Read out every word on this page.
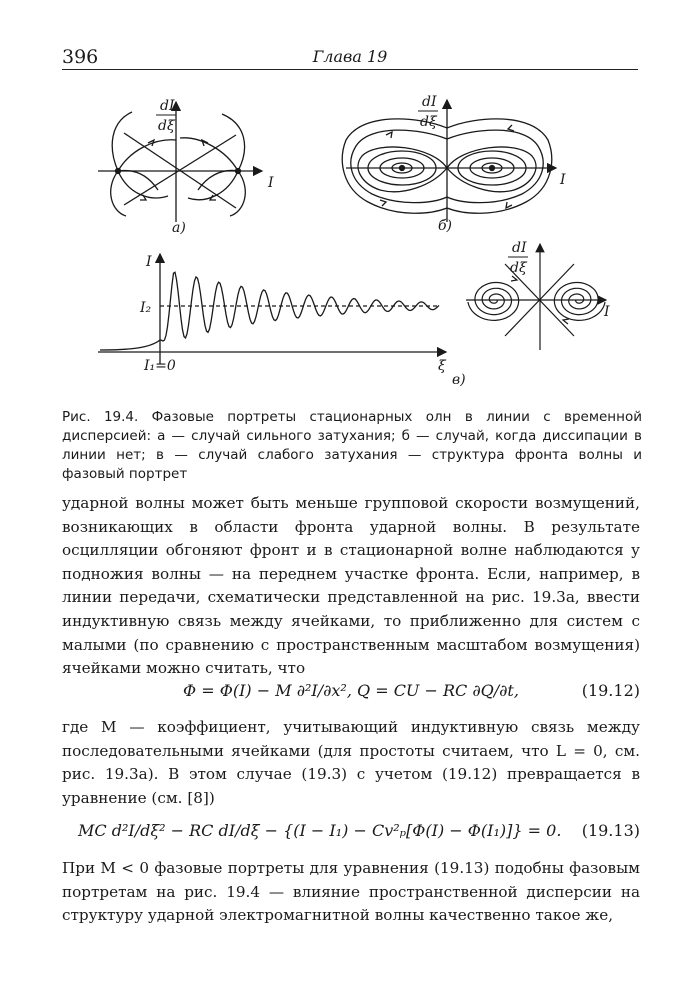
396	Глава 19
dI
dξ
I
а)
dI
dξ
I
б)
I
I₂
I₁=0	ξ
в)
dI
dξ
I
Рис. 19.4. Фазовые портреты стационарных олн в линии с временной дисперсией: а — случай сильного затухания; б — случай, когда диссипации в линии нет; в — случай слабого затухания — структура фронта волны и фазовый портрет

ударной волны может быть меньше групповой скорости возмущений, возникающих в области фронта ударной волны. В результате осцилляции обгоняют фронт и в стационарной волне наблюдаются у подножия волны — на переднем участке фронта. Если, например, в линии передачи, схематически представленной на рис. 19.3а, ввести индуктивную связь между ячейками, то приближенно для систем с малыми (по сравнению с пространственным масштабом возмущения) ячейками можно считать, что

Φ = Φ(I) − M ∂²I/∂x², Q = CU − RC ∂Q/∂t,	(19.12)

где M — коэффициент, учитывающий индуктивную связь между последовательными ячейками (для простоты считаем, что L = 0, см. рис. 19.3а). В этом случае (19.3) с учетом (19.12) превращается в уравнение (см. [8])

MC d²I/dξ² − RC dI/dξ − {(I − I₁) − Cv²ₚ[Φ(I) − Φ(I₁)]} = 0. (19.13)

При M < 0 фазовые портреты для уравнения (19.13) подобны фазовым портретам на рис. 19.4 — влияние пространственной дисперсии на структуру ударной электромагнитной волны качественно такое же,
